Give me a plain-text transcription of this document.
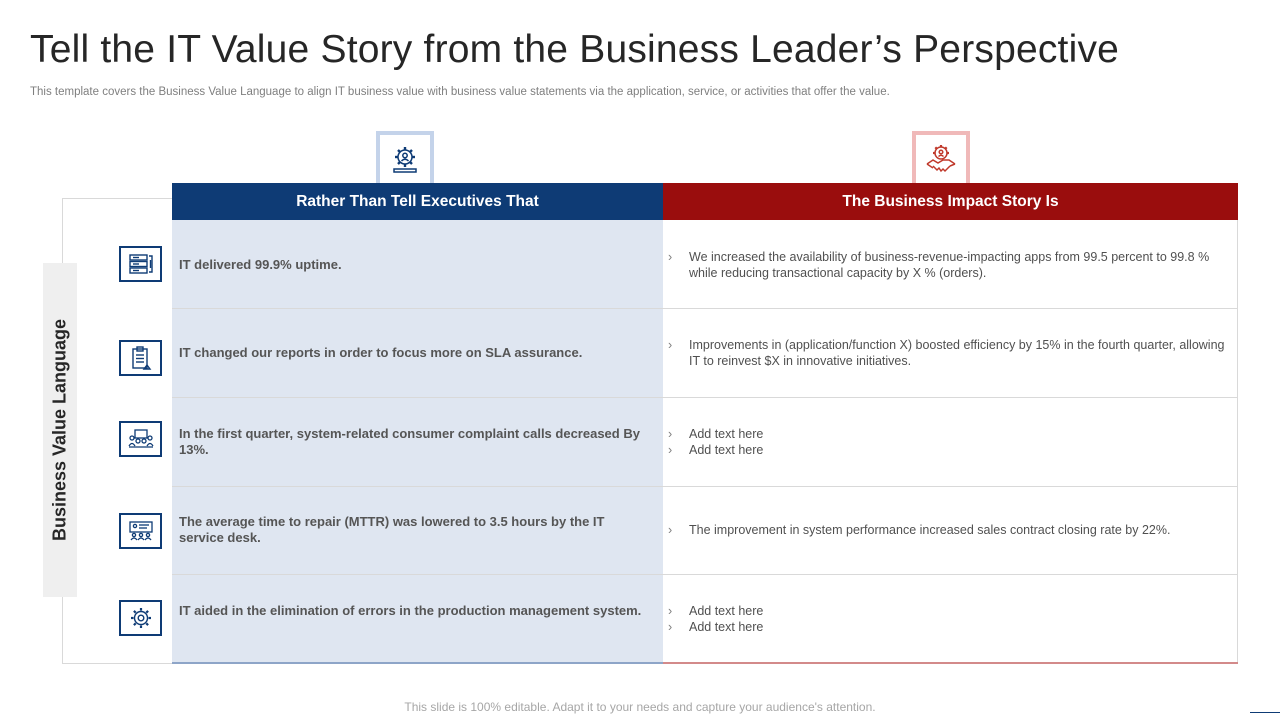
Tell the IT Value Story from the Business Leader’s Perspective
This template covers the Business Value Language to align IT business value with business value statements via the application, service, or activities that offer the value.
Business Value Language
Rather Than Tell Executives That	The Business Impact Story Is
IT delivered 99.9% uptime.	›	We increased the availability of business-revenue-impacting apps from 99.5 percent to 99.8 % while reducing transactional capacity by X % (orders).
IT changed our reports in order to focus more on SLA assurance.	›	Improvements in (application/function X) boosted efficiency by 15% in the fourth quarter, allowing IT to reinvest $X in innovative initiatives.
In the first quarter, system-related consumer complaint calls decreased By 13%.
›	Add text here
›	Add text here
The average time to repair (MTTR) was lowered to 3.5 hours by the IT service desk.	›	The improvement in system performance increased sales contract closing rate by 22%.
IT aided in the elimination of errors in the production management system.	›	Add text here
›	Add text here
This slide is 100% editable. Adapt it to your needs and capture your audience's attention.
